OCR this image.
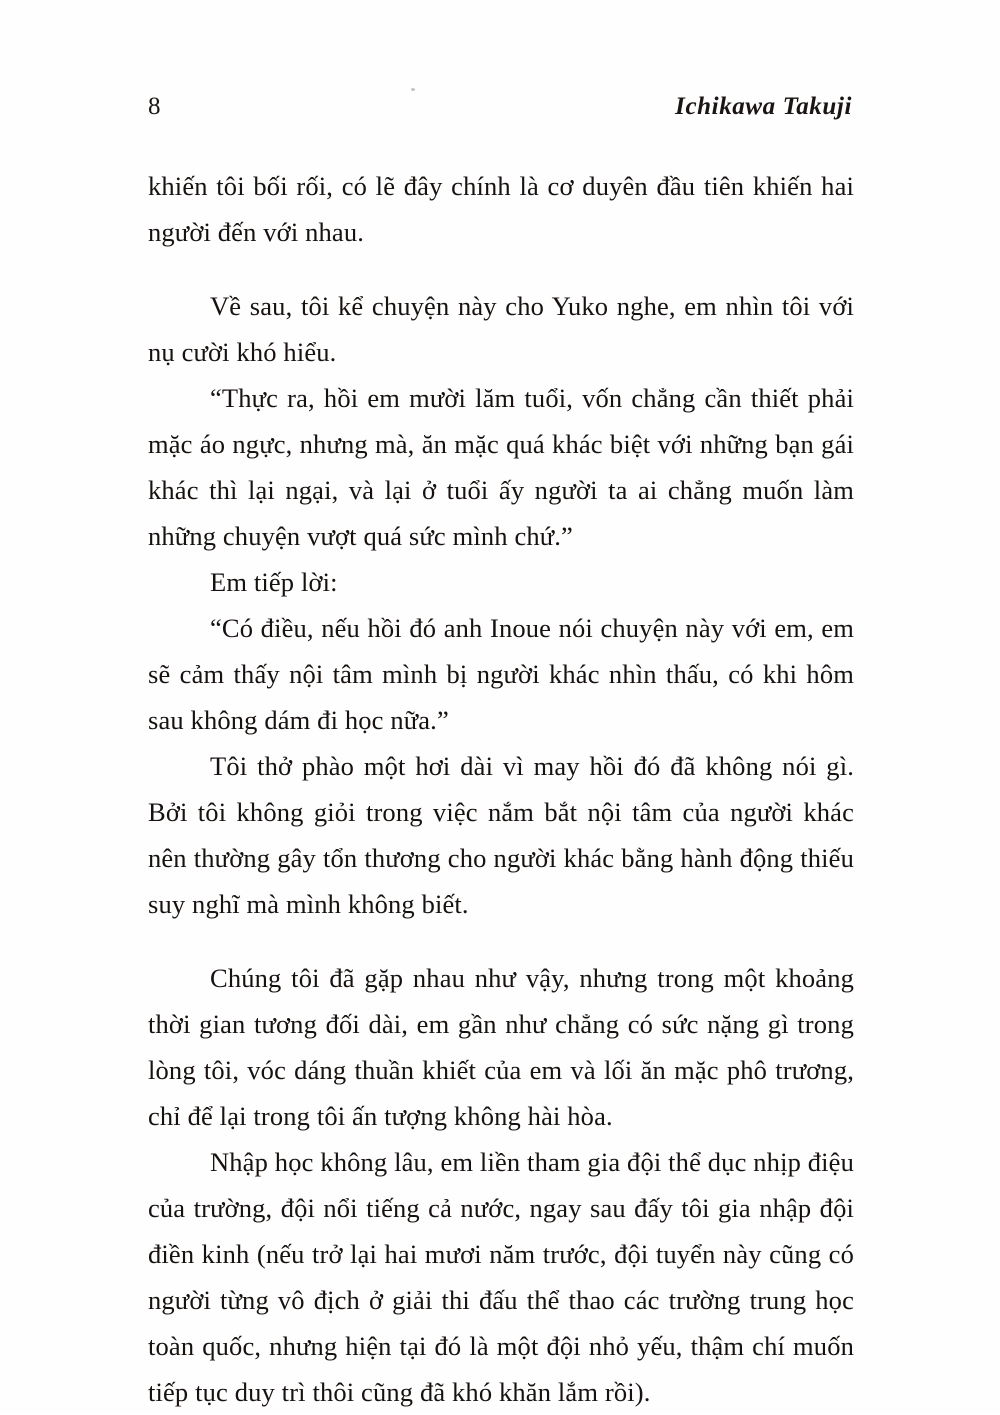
8	Ichikawa Takuji

khiến tôi bối rối, có lẽ đây chính là cơ duyên đầu tiên khiến hai người đến với nhau.

Về sau, tôi kể chuyện này cho Yuko nghe, em nhìn tôi với nụ cười khó hiểu.

“Thực ra, hồi em mười lăm tuổi, vốn chẳng cần thiết phải mặc áo ngực, nhưng mà, ăn mặc quá khác biệt với những bạn gái khác thì lại ngại, và lại ở tuổi ấy người ta ai chẳng muốn làm những chuyện vượt quá sức mình chứ.”

Em tiếp lời:

“Có điều, nếu hồi đó anh Inoue nói chuyện này với em, em sẽ cảm thấy nội tâm mình bị người khác nhìn thấu, có khi hôm sau không dám đi học nữa.”

Tôi thở phào một hơi dài vì may hồi đó đã không nói gì. Bởi tôi không giỏi trong việc nắm bắt nội tâm của người khác nên thường gây tổn thương cho người khác bằng hành động thiếu suy nghĩ mà mình không biết.

Chúng tôi đã gặp nhau như vậy, nhưng trong một khoảng thời gian tương đối dài, em gần như chẳng có sức nặng gì trong lòng tôi, vóc dáng thuần khiết của em và lối ăn mặc phô trương, chỉ để lại trong tôi ấn tượng không hài hòa.

Nhập học không lâu, em liền tham gia đội thể dục nhịp điệu của trường, đội nổi tiếng cả nước, ngay sau đấy tôi gia nhập đội điền kinh (nếu trở lại hai mươi năm trước, đội tuyển này cũng có người từng vô địch ở giải thi đấu thể thao các trường trung học toàn quốc, nhưng hiện tại đó là một đội nhỏ yếu, thậm chí muốn tiếp tục duy trì thôi cũng đã khó khăn lắm rồi).
